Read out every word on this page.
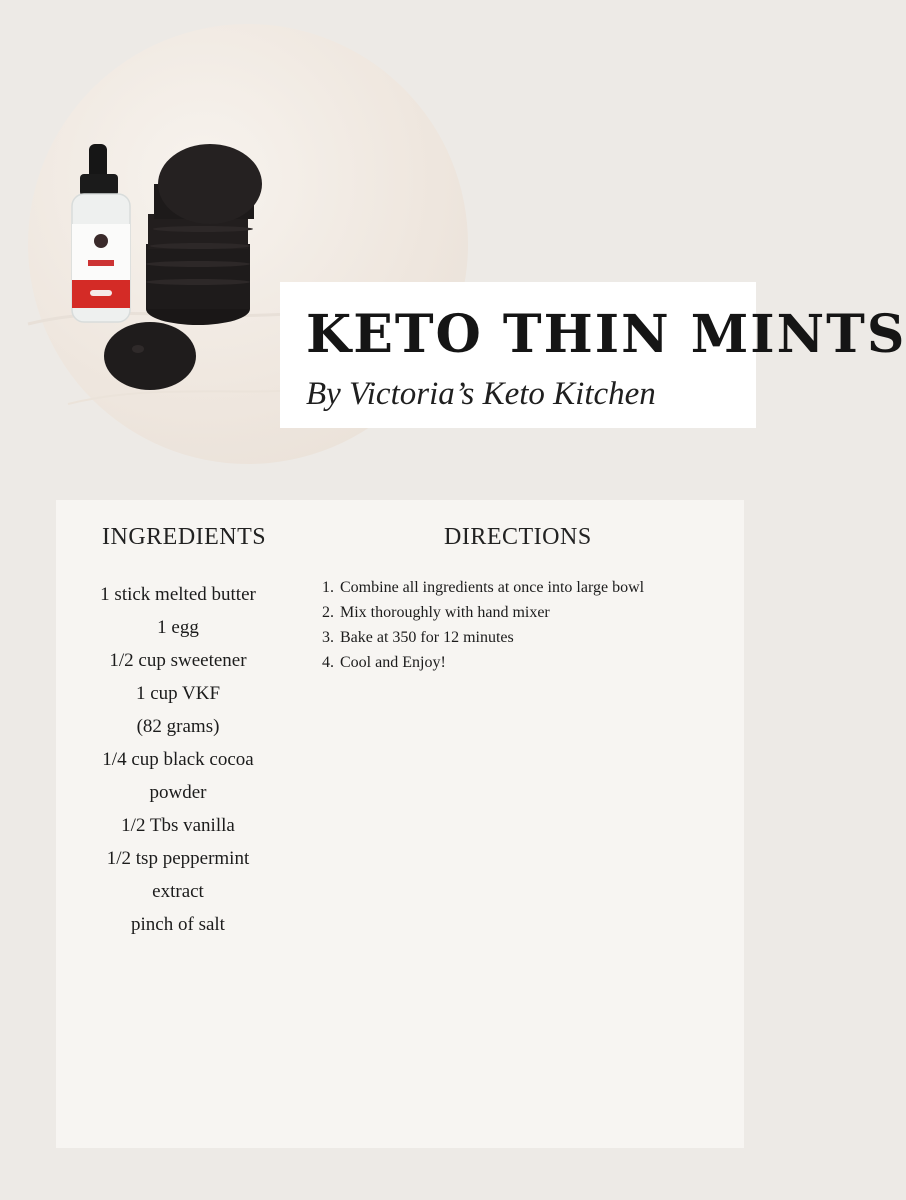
KETO THIN MINTS
By Victoria’s Keto Kitchen
INGREDIENTS
1 stick melted butter
1 egg
1/2 cup sweetener
1 cup VKF
(82 grams)
1/4 cup black cocoa
powder
1/2 Tbs vanilla
1/2 tsp peppermint
extract
pinch of salt
DIRECTIONS
1. Combine all ingredients at once into large bowl
2. Mix thoroughly with hand mixer
3. Bake at 350 for 12 minutes
4. Cool and Enjoy!
